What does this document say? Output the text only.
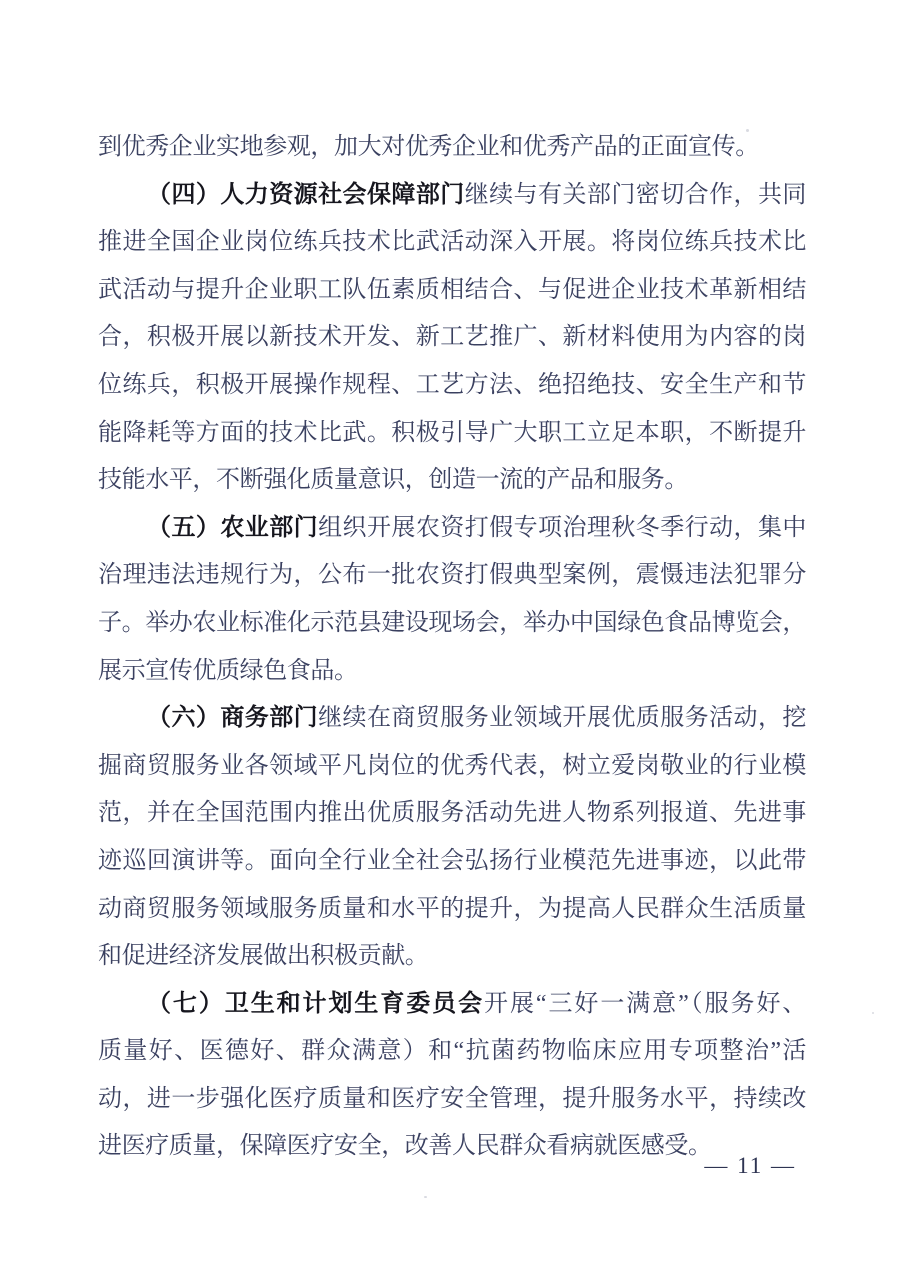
到优秀企业实地参观，加大对优秀企业和优秀产品的正面宣传。
（四）人力资源社会保障部门继续与有关部门密切合作，共同
推进全国企业岗位练兵技术比武活动深入开展。将岗位练兵技术比
武活动与提升企业职工队伍素质相结合、与促进企业技术革新相结
合，积极开展以新技术开发、新工艺推广、新材料使用为内容的岗
位练兵，积极开展操作规程、工艺方法、绝招绝技、安全生产和节
能降耗等方面的技术比武。积极引导广大职工立足本职，不断提升
技能水平，不断强化质量意识，创造一流的产品和服务。
（五）农业部门组织开展农资打假专项治理秋冬季行动，集中
治理违法违规行为，公布一批农资打假典型案例，震慑违法犯罪分
子。举办农业标准化示范县建设现场会，举办中国绿色食品博览会，
展示宣传优质绿色食品。
（六）商务部门继续在商贸服务业领域开展优质服务活动，挖
掘商贸服务业各领域平凡岗位的优秀代表，树立爱岗敬业的行业模
范，并在全国范围内推出优质服务活动先进人物系列报道、先进事
迹巡回演讲等。面向全行业全社会弘扬行业模范先进事迹，以此带
动商贸服务领域服务质量和水平的提升，为提高人民群众生活质量
和促进经济发展做出积极贡献。
（七）卫生和计划生育委员会开展“三好一满意”（服务好、
质量好、医德好、群众满意）和“抗菌药物临床应用专项整治”活
动，进一步强化医疗质量和医疗安全管理，提升服务水平，持续改
进医疗质量，保障医疗安全，改善人民群众看病就医感受。
— 11 —
